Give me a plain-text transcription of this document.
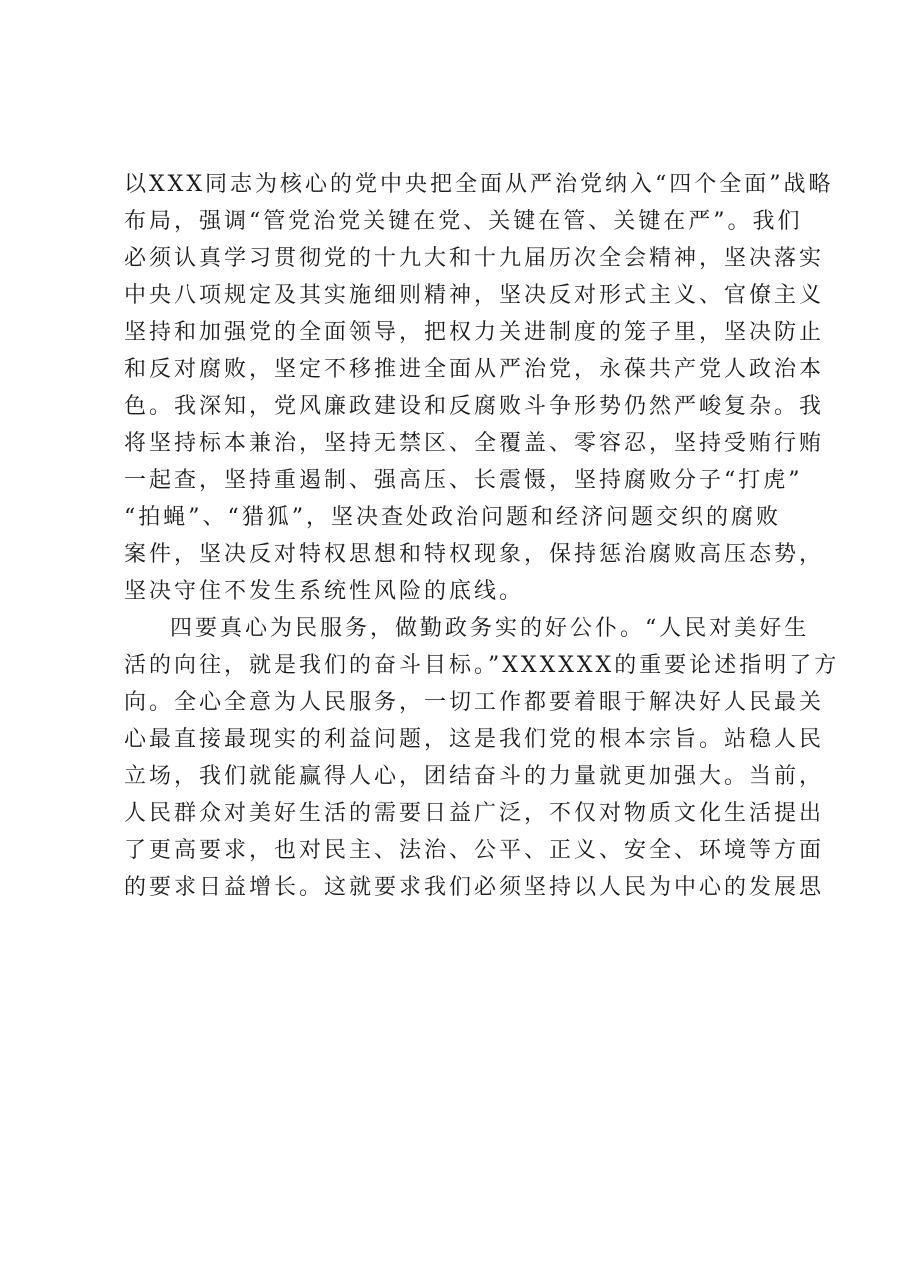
以XXX同志为核心的党中央把全面从严治党纳入“四个全面”战略
布局，强调“管党治党关键在党、关键在管、关键在严”。我们
必须认真学习贯彻党的十九大和十九届历次全会精神，坚决落实
中央八项规定及其实施细则精神，坚决反对形式主义、官僚主义
坚持和加强党的全面领导，把权力关进制度的笼子里，坚决防止
和反对腐败，坚定不移推进全面从严治党，永葆共产党人政治本
色。我深知，党风廉政建设和反腐败斗争形势仍然严峻复杂。我
将坚持标本兼治，坚持无禁区、全覆盖、零容忍，坚持受贿行贿
一起查，坚持重遏制、强高压、长震慑，坚持腐败分子“打虎”
“拍蝇”、“猎狐”，坚决查处政治问题和经济问题交织的腐败
案件，坚决反对特权思想和特权现象，保持惩治腐败高压态势，
坚决守住不发生系统性风险的底线。
四要真心为民服务，做勤政务实的好公仆。“人民对美好生
活的向往，就是我们的奋斗目标。”XXXXXX的重要论述指明了方
向。全心全意为人民服务，一切工作都要着眼于解决好人民最关
心最直接最现实的利益问题，这是我们党的根本宗旨。站稳人民
立场，我们就能赢得人心，团结奋斗的力量就更加强大。当前，
人民群众对美好生活的需要日益广泛，不仅对物质文化生活提出
了更高要求，也对民主、法治、公平、正义、安全、环境等方面
的要求日益增长。这就要求我们必须坚持以人民为中心的发展思
